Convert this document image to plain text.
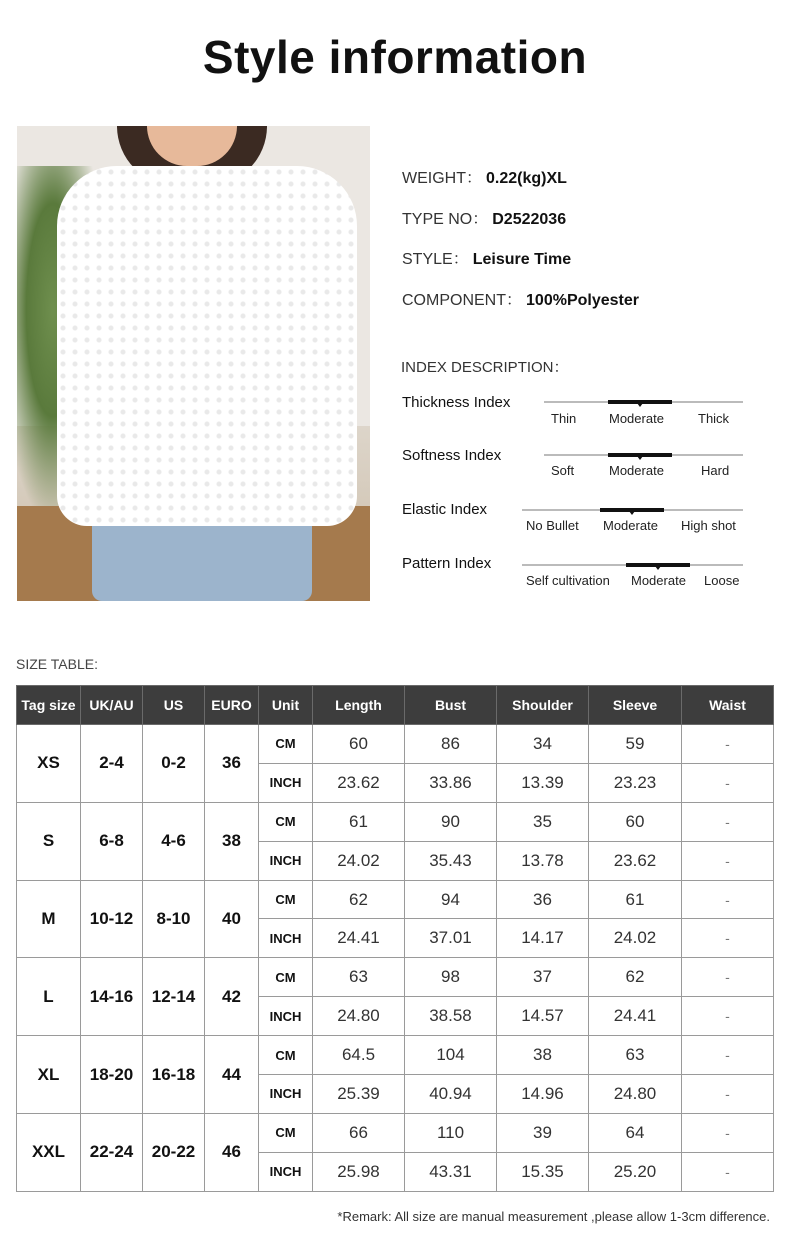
Style information
WEIGHT： 0.22(kg)XL
TYPE NO： D2522036
STYLE： Leisure Time
COMPONENT： 100%Polyester
INDEX DESCRIPTION：
Thickness Index
Thin	Moderate	Thick
Softness Index
Soft	Moderate	Hard
Elastic Index
No Bullet Moderate High shot
Pattern Index
Self cultivation Moderate Loose
SIZE TABLE:
Tag size	UK/AU	US	EURO	Unit	Length	Bust	Shoulder	Sleeve	Waist
XS	2-4	0-2	36	CM	60	86	34	59	-
				INCH	23.62	33.86	13.39	23.23	-
S	6-8	4-6	38	CM	61	90	35	60	-
				INCH	24.02	35.43	13.78	23.62	-
M	10-12	8-10	40	CM	62	94	36	61	-
				INCH	24.41	37.01	14.17	24.02	-
L	14-16	12-14	42	CM	63	98	37	62	-
				INCH	24.80	38.58	14.57	24.41	-
XL	18-20	16-18	44	CM	64.5	104	38	63	-
				INCH	25.39	40.94	14.96	24.80	-
XXL	22-24	20-22	46	CM	66	110	39	64	-
				INCH	25.98	43.31	15.35	25.20	-
*Remark: All size are manual measurement ,please allow 1-3cm difference.
